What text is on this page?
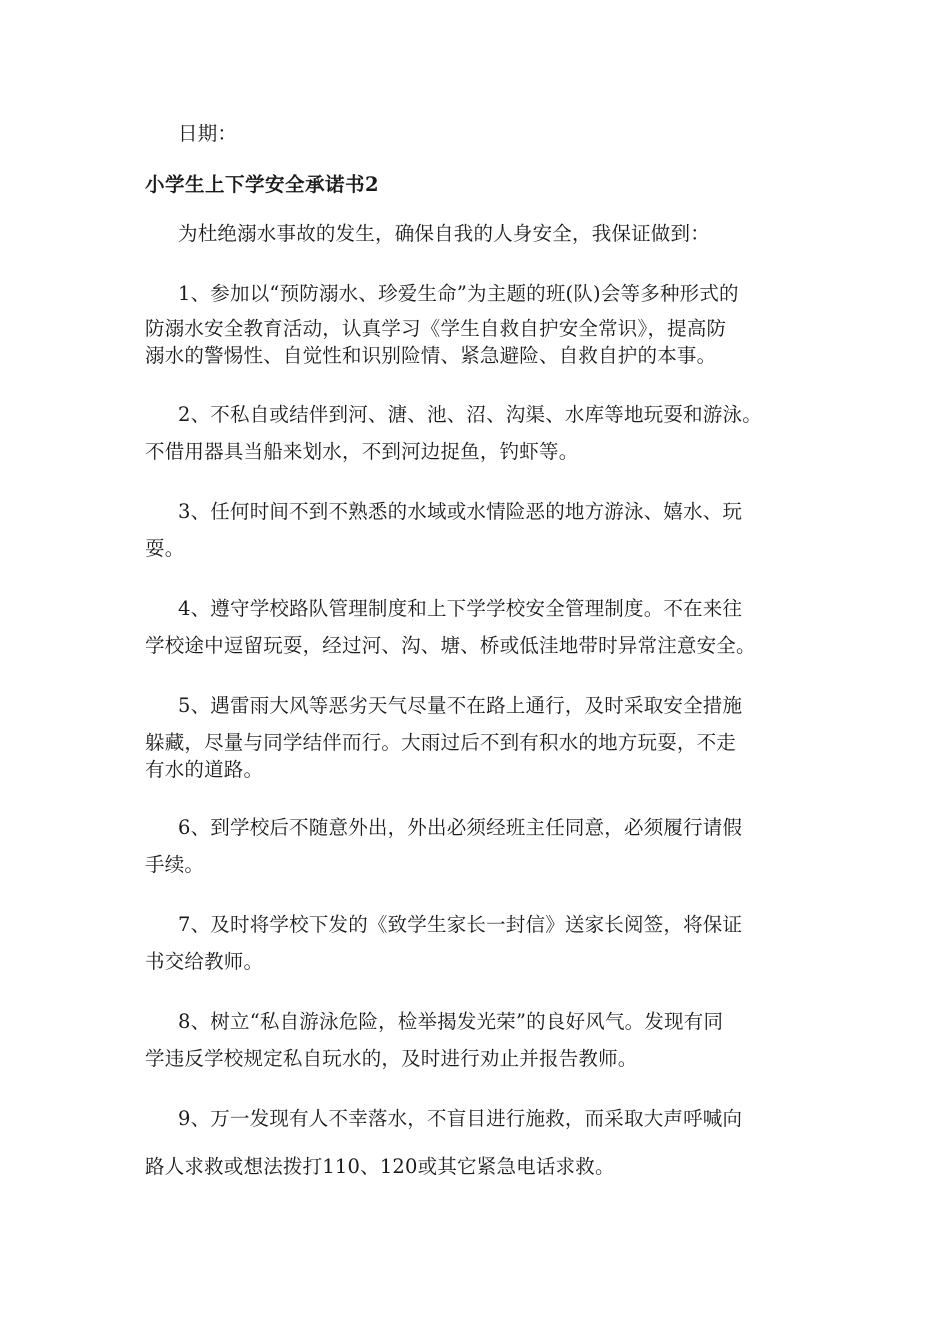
日期：
小学生上下学安全承诺书2
为杜绝溺水事故的发生，确保自我的人身安全，我保证做到：
1、参加以“预防溺水、珍爱生命”为主题的班(队)会等多种形式的
防溺水安全教育活动，认真学习《学生自救自护安全常识》，提高防
溺水的警惕性、自觉性和识别险情、紧急避险、自救自护的本事。
2、不私自或结伴到河、溏、池、沼、沟渠、水库等地玩耍和游泳。
不借用器具当船来划水，不到河边捉鱼，钓虾等。
3、任何时间不到不熟悉的水域或水情险恶的地方游泳、嬉水、玩
耍。
4、遵守学校路队管理制度和上下学学校安全管理制度。不在来往
学校途中逗留玩耍，经过河、沟、塘、桥或低洼地带时异常注意安全。
5、遇雷雨大风等恶劣天气尽量不在路上通行，及时采取安全措施
躲藏，尽量与同学结伴而行。大雨过后不到有积水的地方玩耍，不走
有水的道路。
6、到学校后不随意外出，外出必须经班主任同意，必须履行请假
手续。
7、及时将学校下发的《致学生家长一封信》送家长阅签，将保证
书交给教师。
8、树立“私自游泳危险，检举揭发光荣”的良好风气。发现有同
学违反学校规定私自玩水的，及时进行劝止并报告教师。
9、万一发现有人不幸落水，不盲目进行施救，而采取大声呼喊向
路人求救或想法拨打110、120或其它紧急电话求救。
